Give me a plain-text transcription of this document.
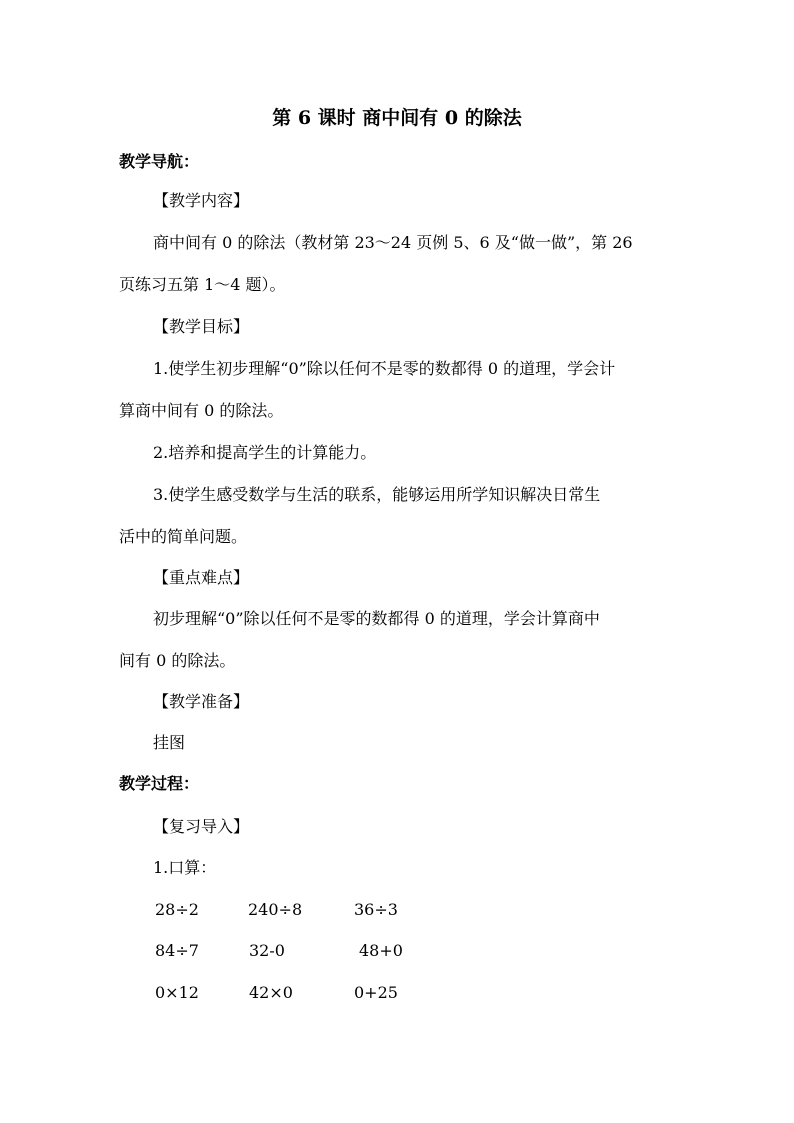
第 6 课时 商中间有 0 的除法
教学导航：
【教学内容】
商中间有 0 的除法（教材第 23～24 页例 5、6 及“做一做”，第 26
页练习五第 1～4 题）。
【教学目标】
1.使学生初步理解“0”除以任何不是零的数都得 0 的道理，学会计
算商中间有 0 的除法。
2.培养和提高学生的计算能力。
3.使学生感受数学与生活的联系，能够运用所学知识解决日常生
活中的简单问题。
【重点难点】
初步理解“0”除以任何不是零的数都得 0 的道理，学会计算商中
间有 0 的除法。
【教学准备】
挂图
教学过程：
【复习导入】
1.口算：
28÷2	240÷8	36÷3
84÷7	32-0	48+0
0×12	42×0	0+25
